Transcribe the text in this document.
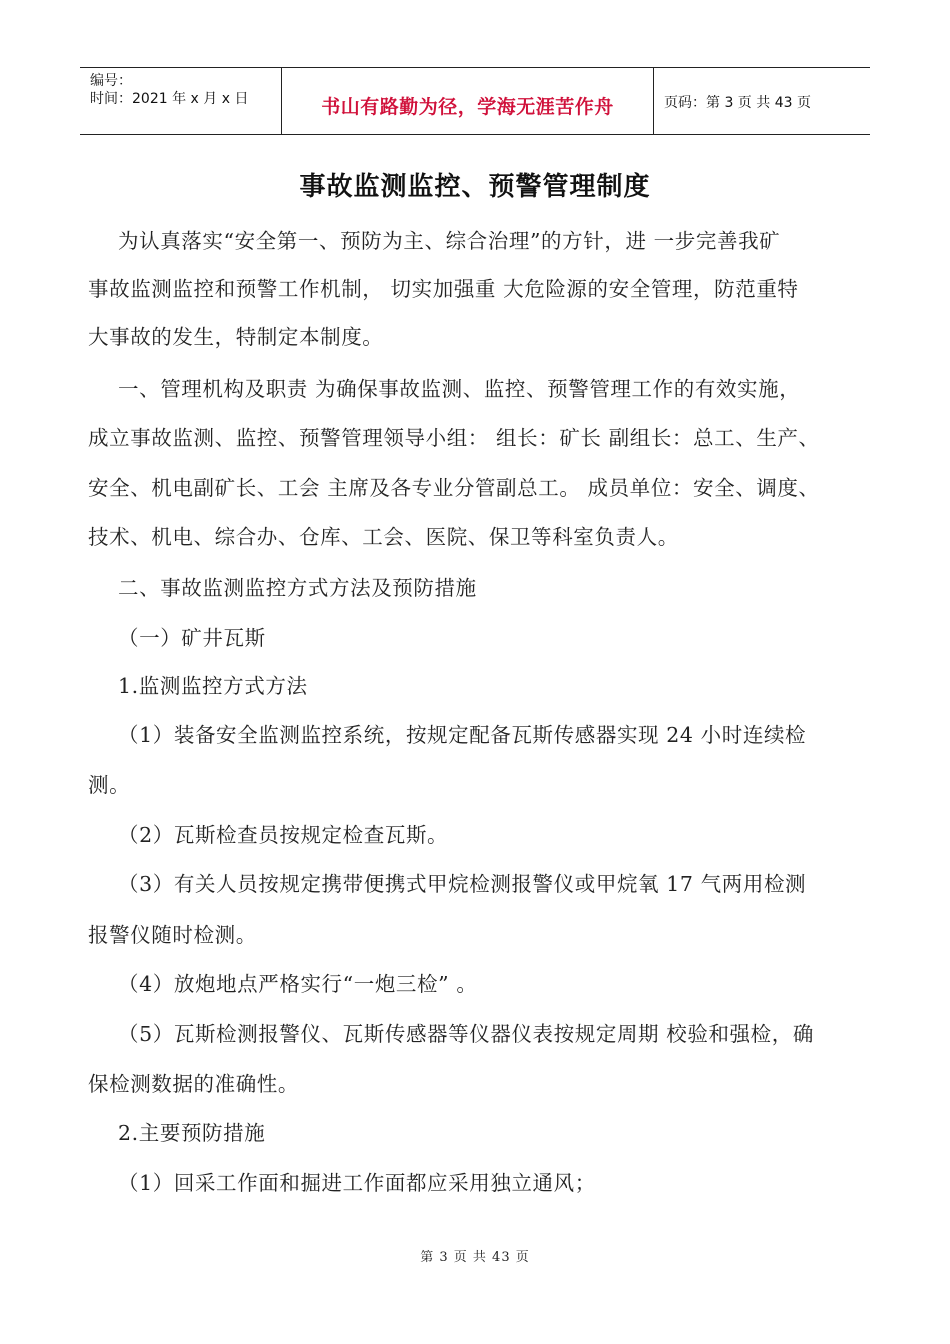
编号：
时间：2021 年 x 月 x 日	书山有路勤为径，学海无涯苦作舟	页码：第 3 页 共 43 页
事故监测监控、预警管理制度
为认真落实“安全第一、预防为主、综合治理”的方针，进 一步完善我矿
事故监测监控和预警工作机制， 切实加强重 大危险源的安全管理，防范重特
大事故的发生，特制定本制度。
一、管理机构及职责 为确保事故监测、监控、预警管理工作的有效实施，
成立事故监测、监控、预警管理领导小组： 组长：矿长 副组长：总工、生产、
安全、机电副矿长、工会 主席及各专业分管副总工。 成员单位：安全、调度、
技术、机电、综合办、仓库、工会、医院、保卫等科室负责人。
二、事故监测监控方式方法及预防措施
（一）矿井瓦斯
1.监测监控方式方法
（1）装备安全监测监控系统，按规定配备瓦斯传感器实现 24 小时连续检
测。
（2）瓦斯检查员按规定检查瓦斯。
（3）有关人员按规定携带便携式甲烷检测报警仪或甲烷氧 17 气两用检测
报警仪随时检测。
（4）放炮地点严格实行“一炮三检” 。
（5）瓦斯检测报警仪、瓦斯传感器等仪器仪表按规定周期 校验和强检，确
保检测数据的准确性。
2.主要预防措施
（1）回采工作面和掘进工作面都应采用独立通风；
第 3 页 共 43 页
